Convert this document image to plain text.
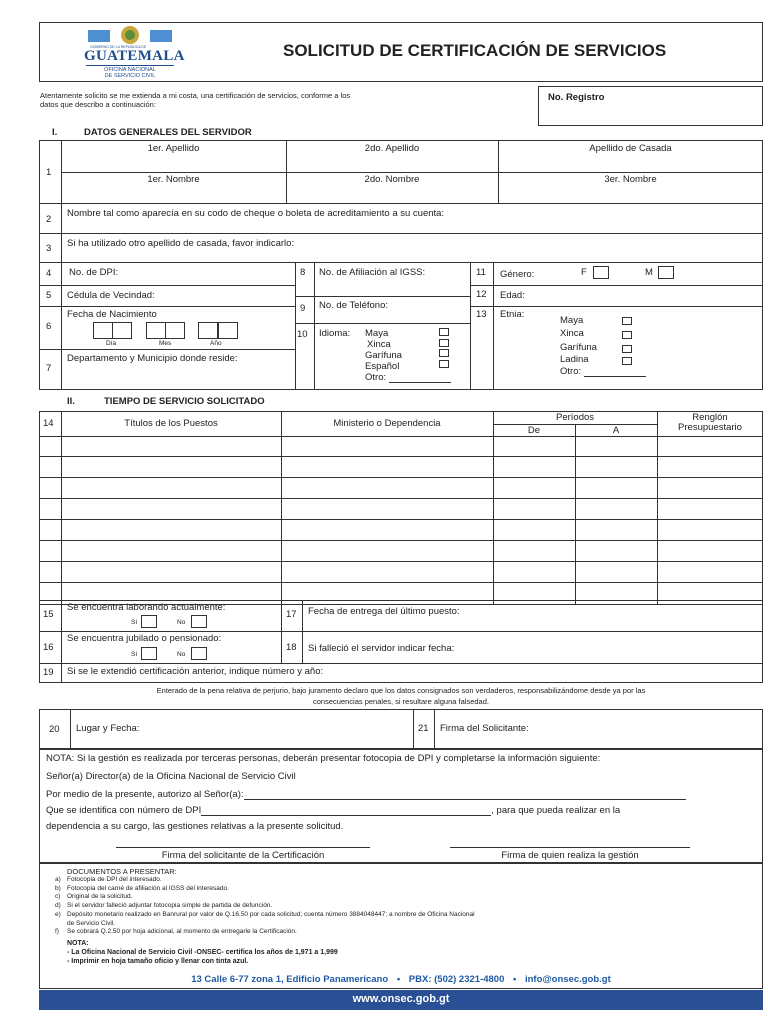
GOBIERNO DE LA REPÚBLICA DE
GUATEMALA
OFICINA NACIONAL
DE SERVICIO CIVIL
SOLICITUD DE CERTIFICACIÓN DE SERVICIOS
Atentamente solicito se me extienda a mi costa, una certificación de servicios, conforme a los
datos que describo a continuación:
No. Registro
I.	DATOS GENERALES DEL SERVIDOR
1
1er. Apellido	2do. Apellido	Apellido de Casada
1er. Nombre	2do. Nombre	3er. Nombre
2
Nombre tal como aparecía en su codo de cheque o boleta de acreditamiento a su cuenta:
3 Si ha utilizado otro apellido de casada, favor indicarlo:
4 No. de DPI:
5 Cédula de Vecindad:
6
Fecha de Nacimiento
Día	Mes	Año
7
Departamento y Municipio donde reside:
8 No. de Afiliación al IGSS:
9 No. de Teléfono:
10 Idioma: Maya
Xinca
Garífuna
Español
Otro:
11 Género:	F	M
12 Edad:
13 Etnia:
Maya
Xinca
Garífuna
Ladina
Otro:
II.	TIEMPO DE SERVICIO SOLICITADO
14	Títulos de los Puestos	Ministerio o Dependencia
Períodos
De	A
Renglón
Presupuestario
15
Se encuentra laborando actualmente:
Sí	No
16
Se encuentra jubilado o pensionado:
Sí	No
17 Fecha de entrega del último puesto:
18 Si falleció el servidor indicar fecha:
19 Si se le extendió certificación anterior, indique número y año:
Enterado de la pena relativa de perjurio, bajo juramento declaro que los datos consignados son verdaderos, responsabilizándome desde ya por las
consecuencias penales, si resultare alguna falsedad.
20 Lugar y Fecha:	21 Firma del Solicitante:
NOTA: Si la gestión es realizada por terceras personas, deberán presentar fotocopia de DPI y completarse la información siguiente:
Señor(a) Director(a) de la Oficina Nacional de Servicio Civil
Por medio de la presente, autorizo al Señor(a):
Que se identifica con número de DPI	, para que pueda realizar en la
dependencia a su cargo, las gestiones relativas a la presente solicitud.
Firma del solicitante de la Certificación	Firma de quien realiza la gestión
DOCUMENTOS A PRESENTAR:
a) Fotocopia de DPI del interesado.
b) Fotocopia del carné de afiliación al IGSS del interesado.
c) Original de la solicitud.
d) Si el servidor falleció adjuntar fotocopia simple de partida de defunción.
e) Depósito monetario realizado en Banrural por valor de Q.16.50 por cada solicitud; cuenta número 3884048447; a nombre de Oficina Nacional
de Servicio Civil.
f) Se cobrará Q.2.50 por hoja adicional, al momento de entregarle la Certificación.
NOTA:
- La Oficina Nacional de Servicio Civil -ONSEC- certifica los años de 1,971 a 1,999
- Imprimir en hoja tamaño oficio y llenar con tinta azul.
13 Calle 6-77 zona 1, Edificio Panamericano • PBX: (502) 2321-4800 • info@onsec.gob.gt
www.onsec.gob.gt
